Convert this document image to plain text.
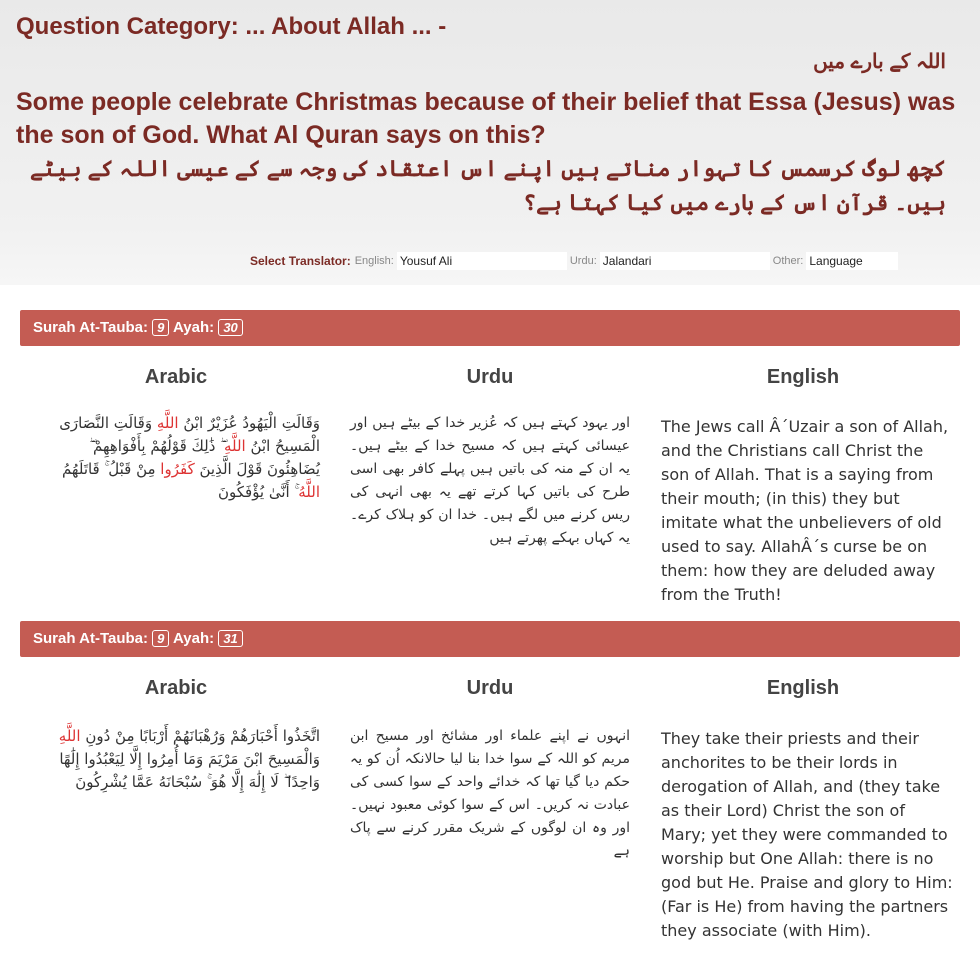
Question Category: ... About Allah ... -
اللہ کے بارے میں
Some people celebrate Christmas because of their belief that Essa (Jesus) was the son of God. What Al Quran says on this?
کچھ لوگ کرسمس کا تہوار مناتے ہیں اپنے اس اعتقاد کی وجہ سے کے عیسی اللہ کے بیٹے ہیں۔ قرآن اس کے بارے میں کیا کہتا ہے؟
Select Translator: English: Yousuf Ali	Urdu: Jalandari	Other: Language
Surah At-Tauba: 9 Ayah: 30
Arabic	Urdu	English
وَقَالَتِ الْيَهُودُ عُزَيْرٌ ابْنُ اللَّهِ وَقَالَتِ النَّصَارَى الْمَسِيحُ ابْنُ اللَّهِ ۖ ذَٰلِكَ قَوْلُهُمْ بِأَفْوَاهِهِمْ ۖ يُضَاهِئُونَ قَوْلَ الَّذِينَ كَفَرُوا مِنْ قَبْلُ ۚ قَاتَلَهُمُ اللَّهُ ۚ أَنَّىٰ يُؤْفَكُونَ
اور یہود کہتے ہیں کہ عُزیر خدا کے بیٹے ہیں اور عیسائی کہتے ہیں کہ مسیح خدا کے بیٹے ہیں۔ یہ ان کے منہ کی باتیں ہیں پہلے کافر بھی اسی طرح کی باتیں کہا کرتے تھے یہ بھی انہی کی ریس کرنے میں لگے ہیں۔ خدا ان کو ہلاک کرے۔ یہ کہاں بہکے پھرتے ہیں
The Jews call Â´Uzair a son of Allah, and the Christians call Christ the son of Allah. That is a saying from their mouth; (in this) they but imitate what the unbelievers of old used to say. AllahÂ´s curse be on them: how they are deluded away from the Truth!
Surah At-Tauba: 9 Ayah: 31
Arabic	Urdu	English
اتَّخَذُوا أَحْبَارَهُمْ وَرُهْبَانَهُمْ أَرْبَابًا مِنْ دُونِ اللَّهِ وَالْمَسِيحَ ابْنَ مَرْيَمَ وَمَا أُمِرُوا إِلَّا لِيَعْبُدُوا إِلَٰهًا وَاحِدًا ۖ لَا إِلَٰهَ إِلَّا هُوَ ۚ سُبْحَانَهُ عَمَّا يُشْرِكُونَ
انہوں نے اپنے علماء اور مشائخ اور مسیح ابن مریم کو اللہ کے سوا خدا بنا لیا حالانکہ اُن کو یہ حکم دیا گیا تھا کہ خدائے واحد کے سوا کسی کی عبادت نہ کریں۔ اس کے سوا کوئی معبود نہیں۔ اور وہ ان لوگوں کے شریک مقرر کرنے سے پاک ہے
They take their priests and their anchorites to be their lords in derogation of Allah, and (they take as their Lord) Christ the son of Mary; yet they were commanded to worship but One Allah: there is no god but He. Praise and glory to Him: (Far is He) from having the partners they associate (with Him).
